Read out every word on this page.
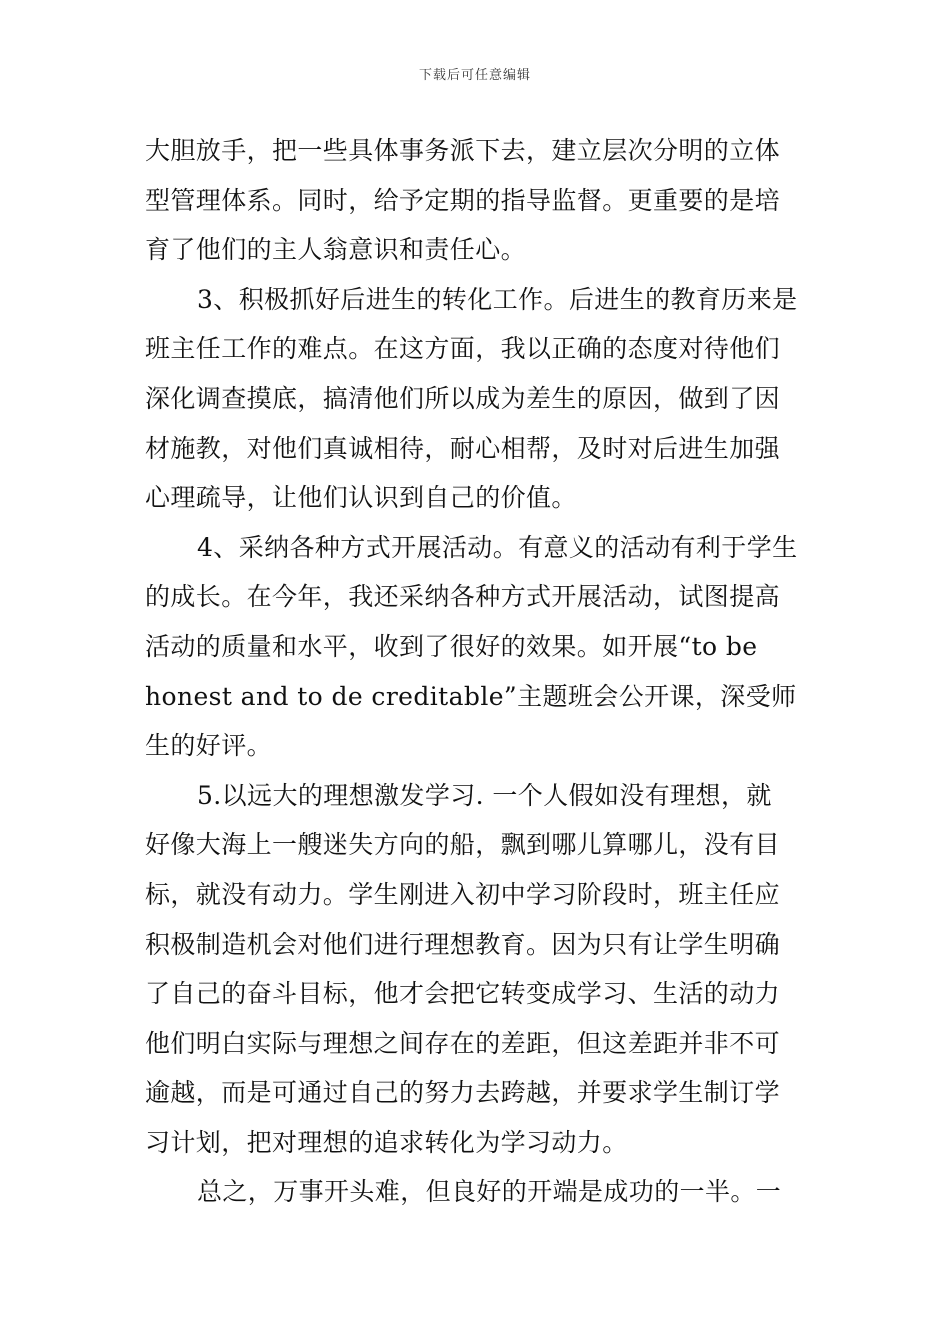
下载后可任意编辑
大胆放手，把一些具体事务派下去，建立层次分明的立体
型管理体系。同时，给予定期的指导监督。更重要的是培
育了他们的主人翁意识和责任心。
3、积极抓好后进生的转化工作。后进生的教育历来是
班主任工作的难点。在这方面，我以正确的态度对待他们
深化调查摸底，搞清他们所以成为差生的原因，做到了因
材施教，对他们真诚相待，耐心相帮，及时对后进生加强
心理疏导，让他们认识到自己的价值。
4、采纳各种方式开展活动。有意义的活动有利于学生
的成长。在今年，我还采纳各种方式开展活动，试图提高
活动的质量和水平，收到了很好的效果。如开展“to be
honest and to de creditable”主题班会公开课，深受师
生的好评。
5.以远大的理想激发学习. 一个人假如没有理想，就
好像大海上一艘迷失方向的船，飘到哪儿算哪儿，没有目
标，就没有动力。学生刚进入初中学习阶段时，班主任应
积极制造机会对他们进行理想教育。因为只有让学生明确
了自己的奋斗目标，他才会把它转变成学习、生活的动力
他们明白实际与理想之间存在的差距，但这差距并非不可
逾越，而是可通过自己的努力去跨越，并要求学生制订学
习计划，把对理想的追求转化为学习动力。
总之，万事开头难，但良好的开端是成功的一半。一
